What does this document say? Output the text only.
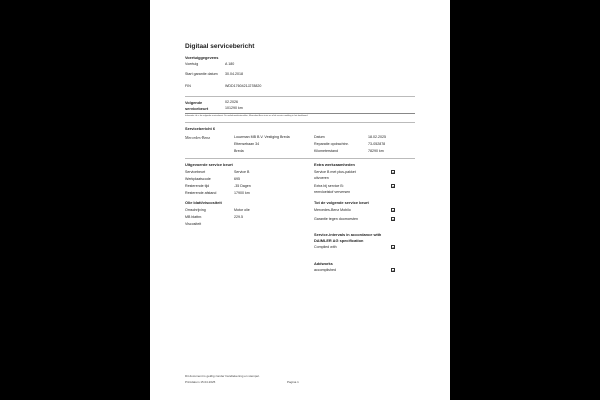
Digitaal servicebericht
Voertuiggegevens
Voertuig	A 180
Start garantie datum 30.04.2018
FIN	WDD1760421J278820
Volgende
servicebeurt
02.2026
101290 km
Informatie t.b.v. de volgende servicebeurt. De onderhoudsintervallen, Mercedes-Benz inzie en of de service melding in het dashboard
Servicebericht 6
Mercedes-Benz	Louwman MB B.V. Vestiging Breda
Ettensebaan 34
Breda
Datum	18.02.2025
Reparatie opdrachtnr.	73-052878
Kilometerstand	78290 km
Uitgevoerde service beurt
Servicebeurt	Service B
Werkplaatscode	695
Resterende tijd	-35 Dagen
Resterende afstand	17900 km
Extra werkzaamheden
Service B met plus-pakket
uitvoeren
Extra bij service B:
remvloeistof verversen
Olie blatt/viscositeit
Omschrijving	Motor olie
MB blattnr.	229.5
Viscositeit
Tot de volgende service beurt
Mercedes-Benz Mobilo
Garantie tegen doorroesten
Service-intervals in accordance with
DAIMLER AG specification
Complied with
Addworks
accomplished
Dit document is geldig zonder handtekening en stempel.
Printdatum 15.04.2025	Pagina 1
